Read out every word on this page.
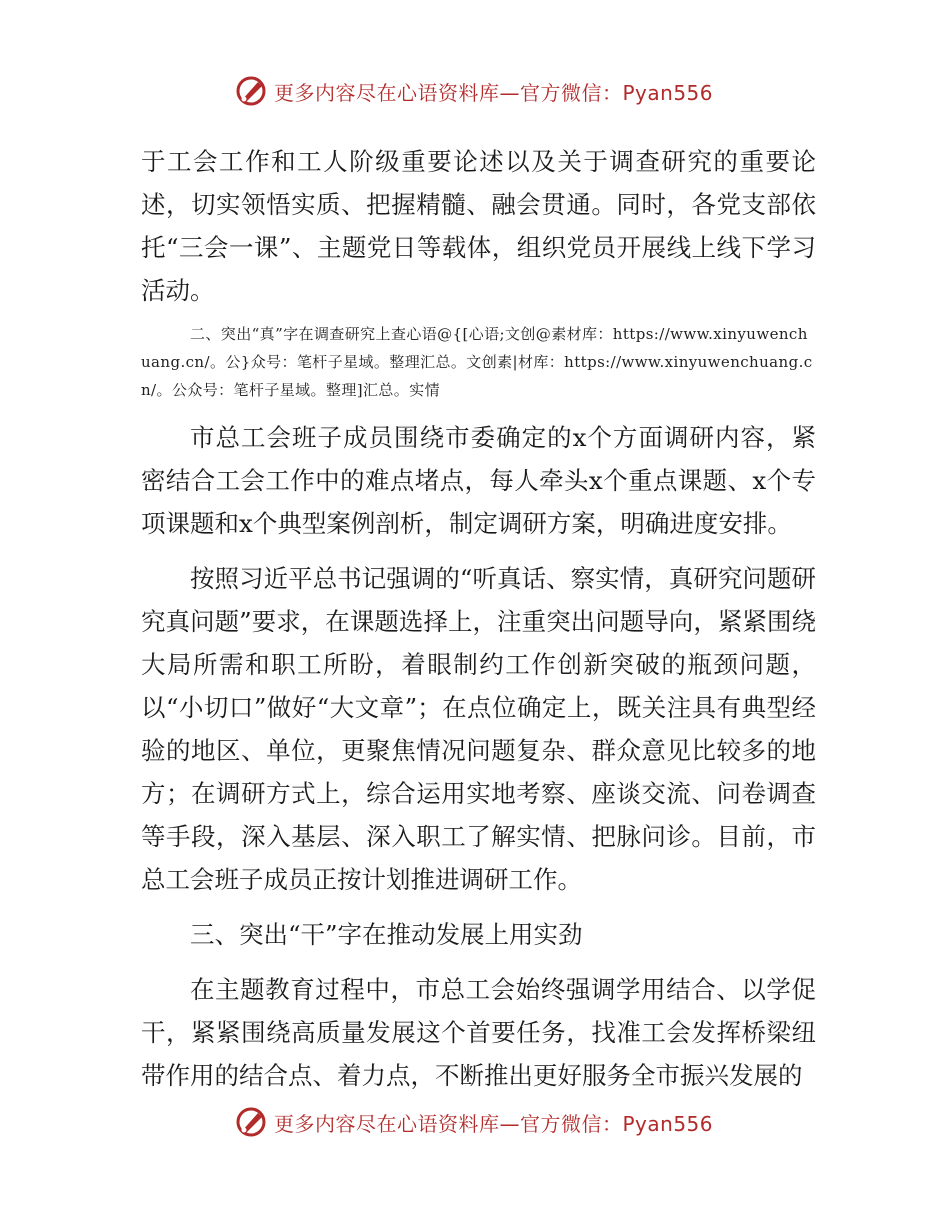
更多内容尽在心语资料库—官方微信：Pyan556

于工会工作和工人阶级重要论述以及关于调查研究的重要论述，切实领悟实质、把握精髓、融会贯通。同时，各党支部依托“三会一课”、主题党日等载体，组织党员开展线上线下学习活动。

二、突出“真”字在调查研究上查心语@{[心语;文创@素材库：https://www.xinyuwenchuang.cn/。公}众号：笔杆子星域。整理汇总。文创素|材库：https://www.xinyuwenchuang.cn/。公众号：笔杆子星域。整理]汇总。实情

市总工会班子成员围绕市委确定的x个方面调研内容，紧密结合工会工作中的难点堵点，每人牵头x个重点课题、x个专项课题和x个典型案例剖析，制定调研方案，明确进度安排。

按照习近平总书记强调的“听真话、察实情，真研究问题研究真问题”要求，在课题选择上，注重突出问题导向，紧紧围绕大局所需和职工所盼，着眼制约工作创新突破的瓶颈问题，以“小切口”做好“大文章”；在点位确定上，既关注具有典型经验的地区、单位，更聚焦情况问题复杂、群众意见比较多的地方；在调研方式上，综合运用实地考察、座谈交流、问卷调查等手段，深入基层、深入职工了解实情、把脉问诊。目前，市总工会班子成员正按计划推进调研工作。

三、突出“干”字在推动发展上用实劲

在主题教育过程中，市总工会始终强调学用结合、以学促干，紧紧围绕高质量发展这个首要任务，找准工会发挥桥梁纽带作用的结合点、着力点，不断推出更好服务全市振兴发展的

更多内容尽在心语资料库—官方微信：Pyan556
